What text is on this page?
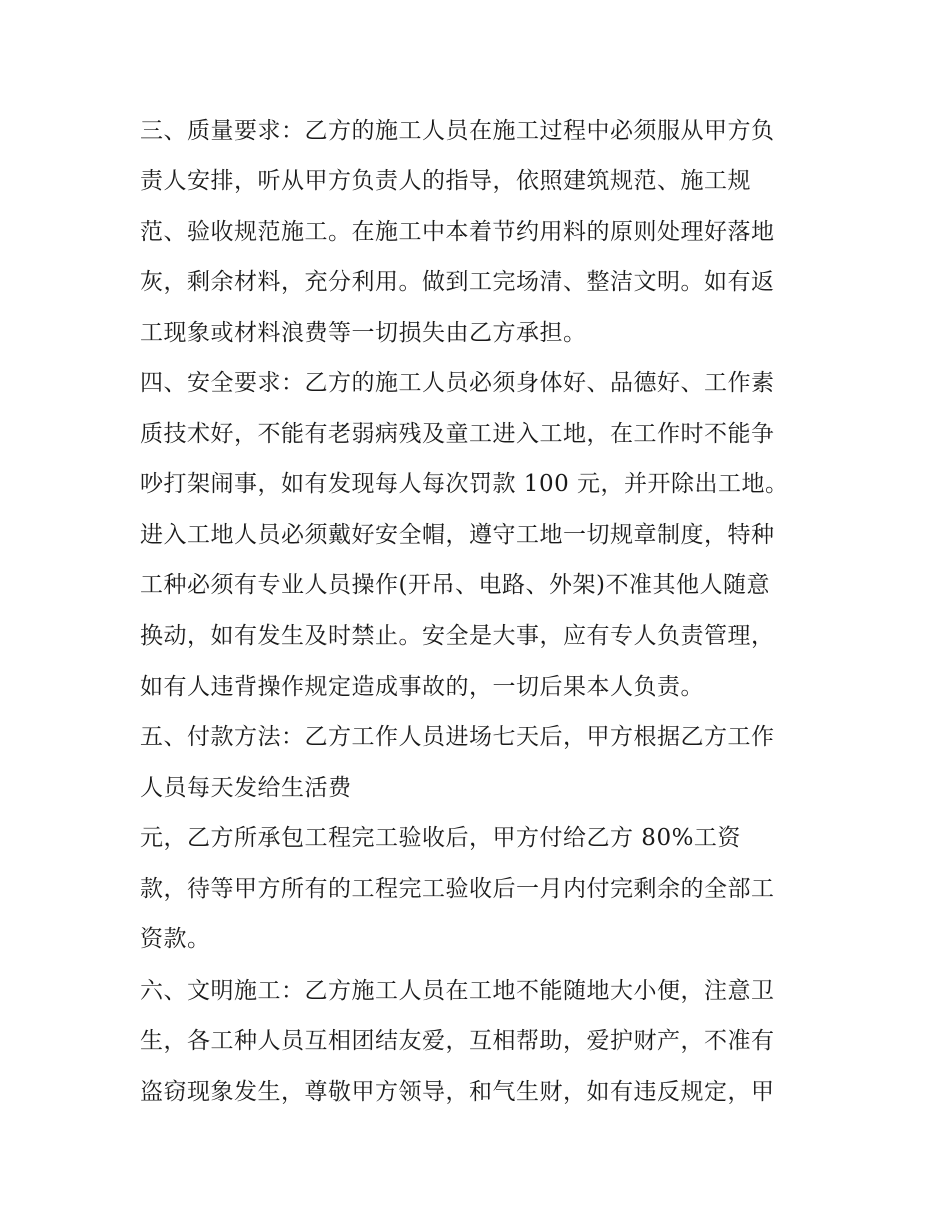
三、质量要求：乙方的施工人员在施工过程中必须服从甲方负
责人安排，听从甲方负责人的指导，依照建筑规范、施工规
范、验收规范施工。在施工中本着节约用料的原则处理好落地
灰，剩余材料，充分利用。做到工完场清、整洁文明。如有返
工现象或材料浪费等一切损失由乙方承担。
四、安全要求：乙方的施工人员必须身体好、品德好、工作素
质技术好，不能有老弱病残及童工进入工地，在工作时不能争
吵打架闹事，如有发现每人每次罚款 100 元，并开除出工地。
进入工地人员必须戴好安全帽，遵守工地一切规章制度，特种
工种必须有专业人员操作(开吊、电路、外架)不准其他人随意
换动，如有发生及时禁止。安全是大事，应有专人负责管理，
如有人违背操作规定造成事故的，一切后果本人负责。
五、付款方法：乙方工作人员进场七天后，甲方根据乙方工作
人员每天发给生活费
元，乙方所承包工程完工验收后，甲方付给乙方 80%工资
款，待等甲方所有的工程完工验收后一月内付完剩余的全部工
资款。
六、文明施工：乙方施工人员在工地不能随地大小便，注意卫
生，各工种人员互相团结友爱，互相帮助，爱护财产，不准有
盗窃现象发生，尊敬甲方领导，和气生财，如有违反规定，甲
